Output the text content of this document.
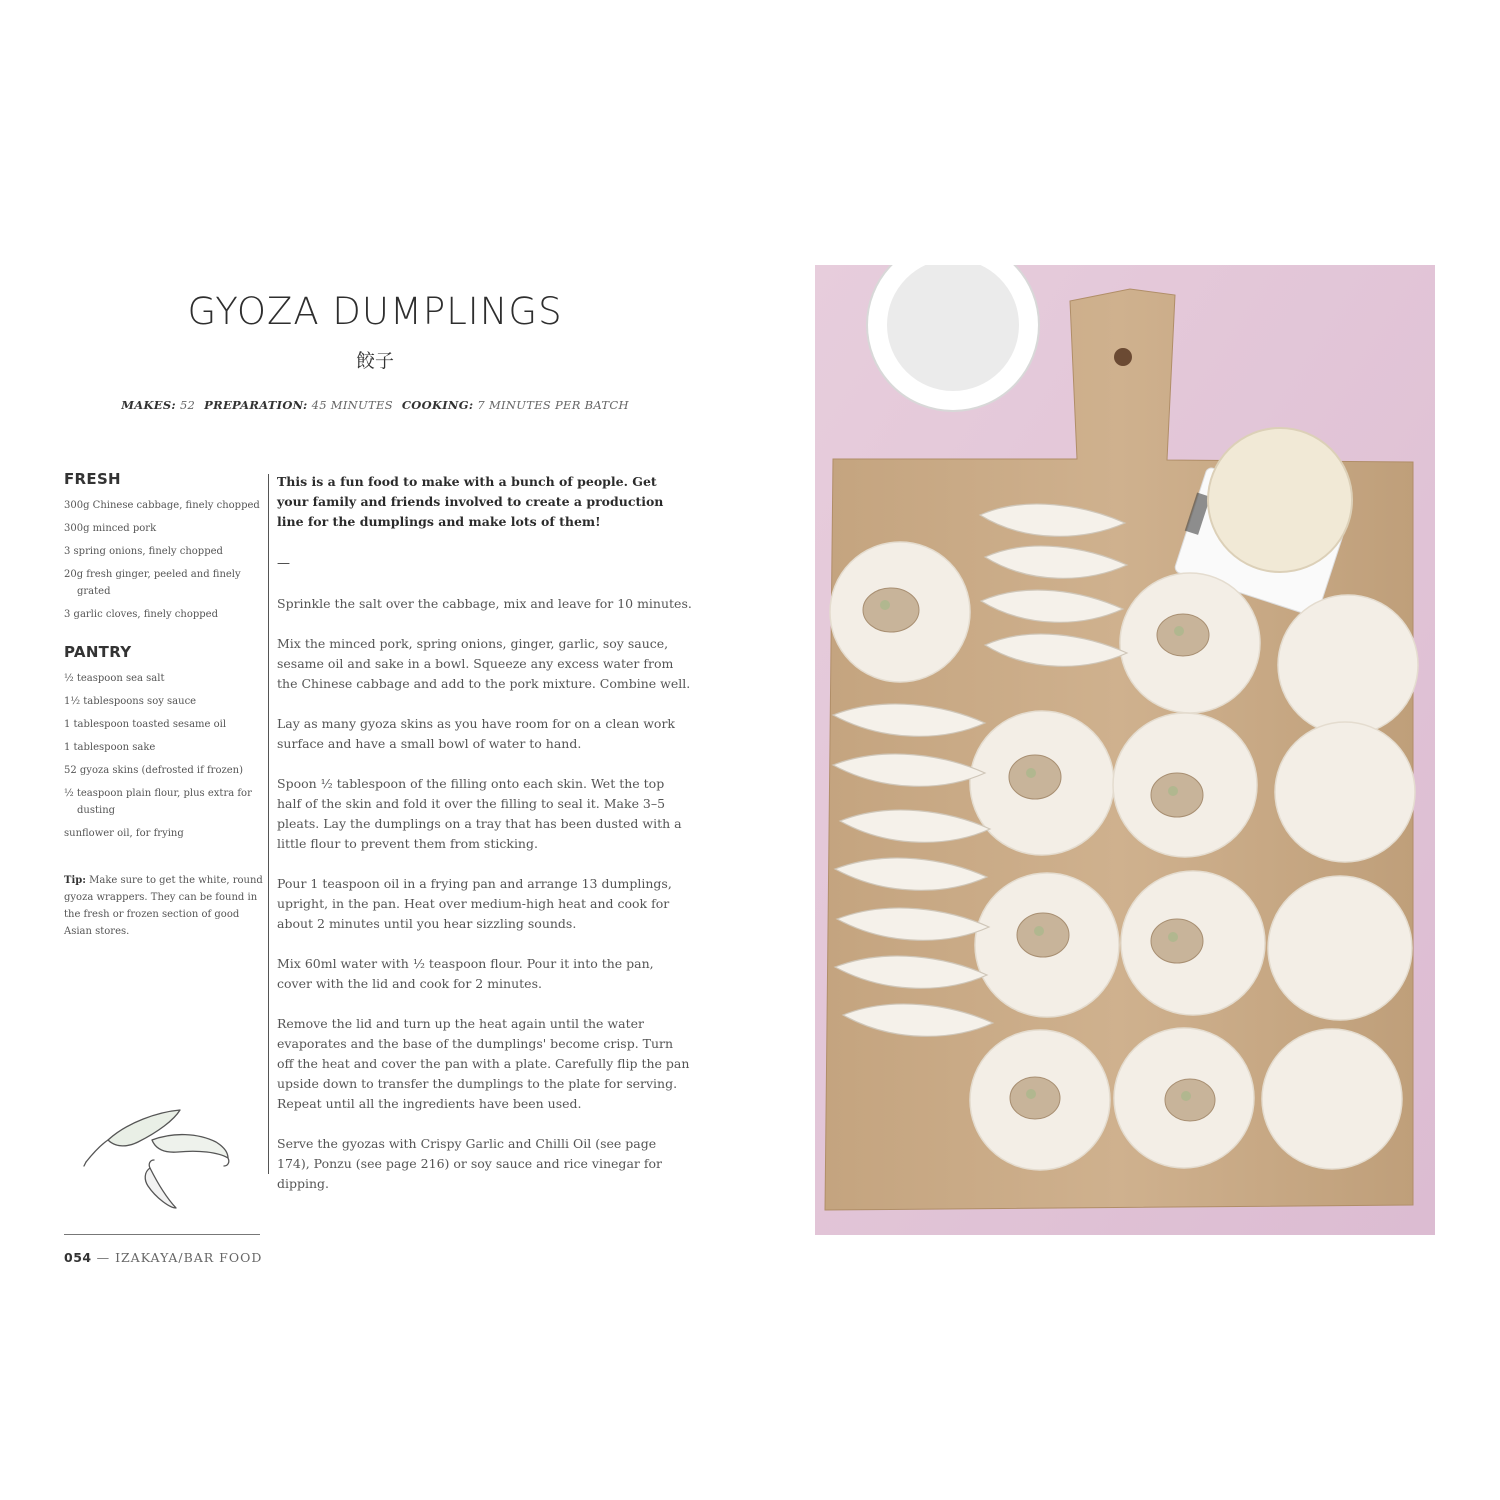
GYOZA DUMPLINGS
餃子
MAKES: 52 PREPARATION: 45 MINUTES COOKING: 7 MINUTES PER BATCH
FRESH
300g Chinese cabbage, finely chopped
300g minced pork
3 spring onions, finely chopped
20g fresh ginger, peeled and finely grated
3 garlic cloves, finely chopped
PANTRY
½ teaspoon sea salt
1½ tablespoons soy sauce
1 tablespoon toasted sesame oil
1 tablespoon sake
52 gyoza skins (defrosted if frozen)
½ teaspoon plain flour, plus extra for dusting
sunflower oil, for frying

Tip: Make sure to get the white, round gyoza wrappers. They can be found in the fresh or frozen section of good Asian stores.

This is a fun food to make with a bunch of people. Get your family and friends involved to create a production line for the dumplings and make lots of them!

—

Sprinkle the salt over the cabbage, mix and leave for 10 minutes.

Mix the minced pork, spring onions, ginger, garlic, soy sauce, sesame oil and sake in a bowl. Squeeze any excess water from the Chinese cabbage and add to the pork mixture. Combine well.

Lay as many gyoza skins as you have room for on a clean work surface and have a small bowl of water to hand.

Spoon ½ tablespoon of the filling onto each skin. Wet the top half of the skin and fold it over the filling to seal it. Make 3–5 pleats. Lay the dumplings on a tray that has been dusted with a little flour to prevent them from sticking.

Pour 1 teaspoon oil in a frying pan and arrange 13 dumplings, upright, in the pan. Heat over medium-high heat and cook for about 2 minutes until you hear sizzling sounds.

Mix 60ml water with ½ teaspoon flour. Pour it into the pan, cover with the lid and cook for 2 minutes.

Remove the lid and turn up the heat again until the water evaporates and the base of the dumplings' become crisp. Turn off the heat and cover the pan with a plate. Carefully flip the pan upside down to transfer the dumplings to the plate for serving. Repeat until all the ingredients have been used.

Serve the gyozas with Crispy Garlic and Chilli Oil (see page 174), Ponzu (see page 216) or soy sauce and rice vinegar for dipping.

054 — IZAKAYA/BAR FOOD
